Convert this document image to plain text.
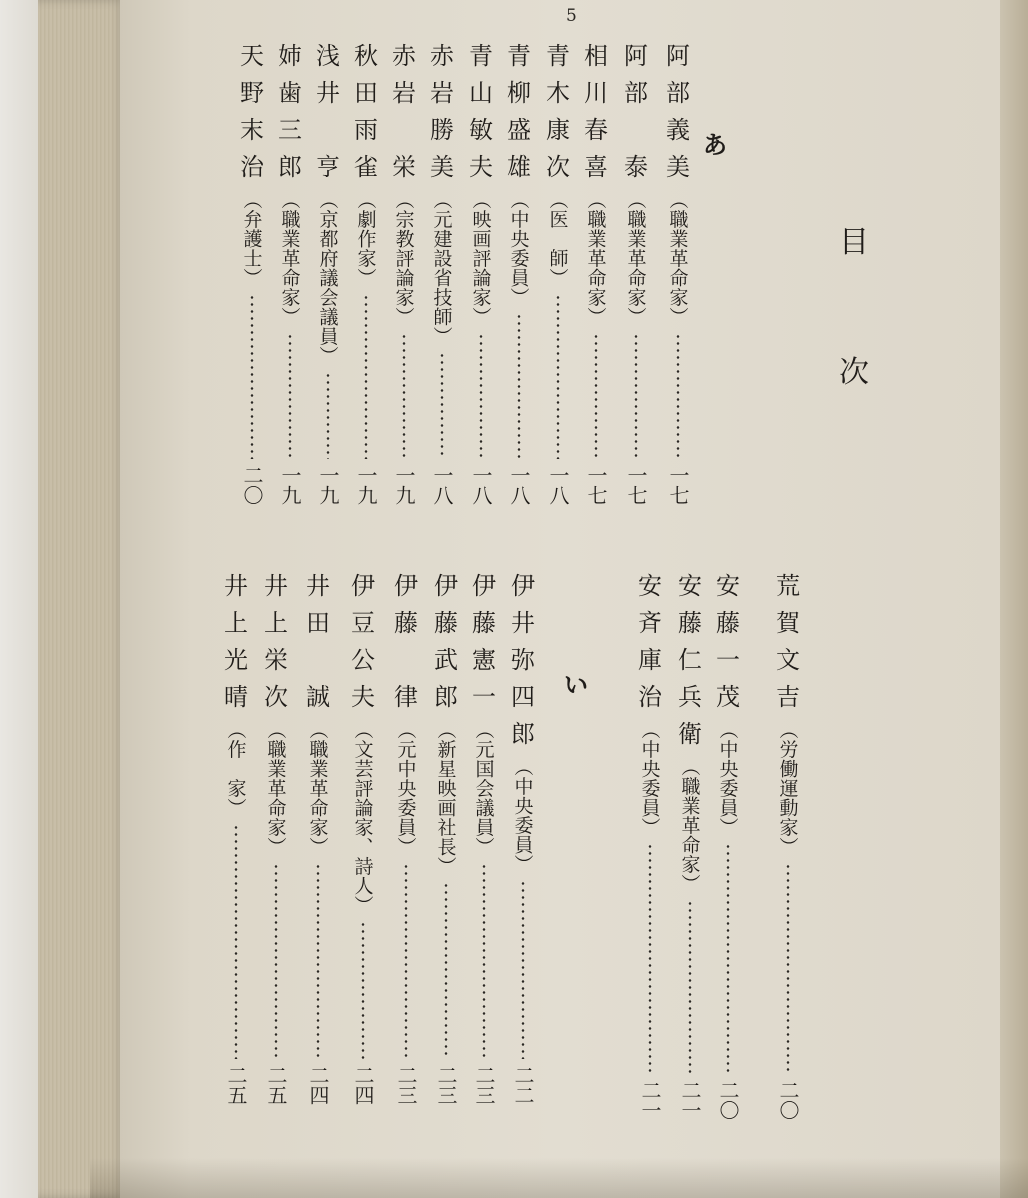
5
目
次
あ
阿
部
義
美
（職業革命家）
一七
阿
部

泰
（職業革命家）
一七
相
川
春
喜
（職業革命家）
一七
青
木
康
次
（医　師）
一八
青
柳
盛
雄
（中央委員）
一八
青
山
敏
夫
（映画評論家）
一八
赤
岩
勝
美
（元建設省技師）
一八
赤
岩

栄
（宗教評論家）
一九
秋
田
雨
雀
（劇作家）
一九
浅
井

亨
（京都府議会議員）
一九
姉
歯
三
郎
（職業革命家）
一九
天
野
末
治
（弁護士）
二〇
荒
賀
文
吉
（労働運動家）
二〇
安
藤
一
茂
（中央委員）
二〇
安
藤
仁
兵
衛
（職業革命家）
二一
安
斉
庫
治
（中央委員）
二一
い
伊
井
弥
四
郎
（中央委員）
二二
伊
藤
憲
一
（元国会議員）
二三
伊
藤
武
郎
（新星映画社長）
二三
伊
藤

律
（元中央委員）
二三
伊
豆
公
夫
（文芸評論家、詩人）
二四
井
田

誠
（職業革命家）
二四
井
上
栄
次
（職業革命家）
二五
井
上
光
晴
（作　家）
二五
